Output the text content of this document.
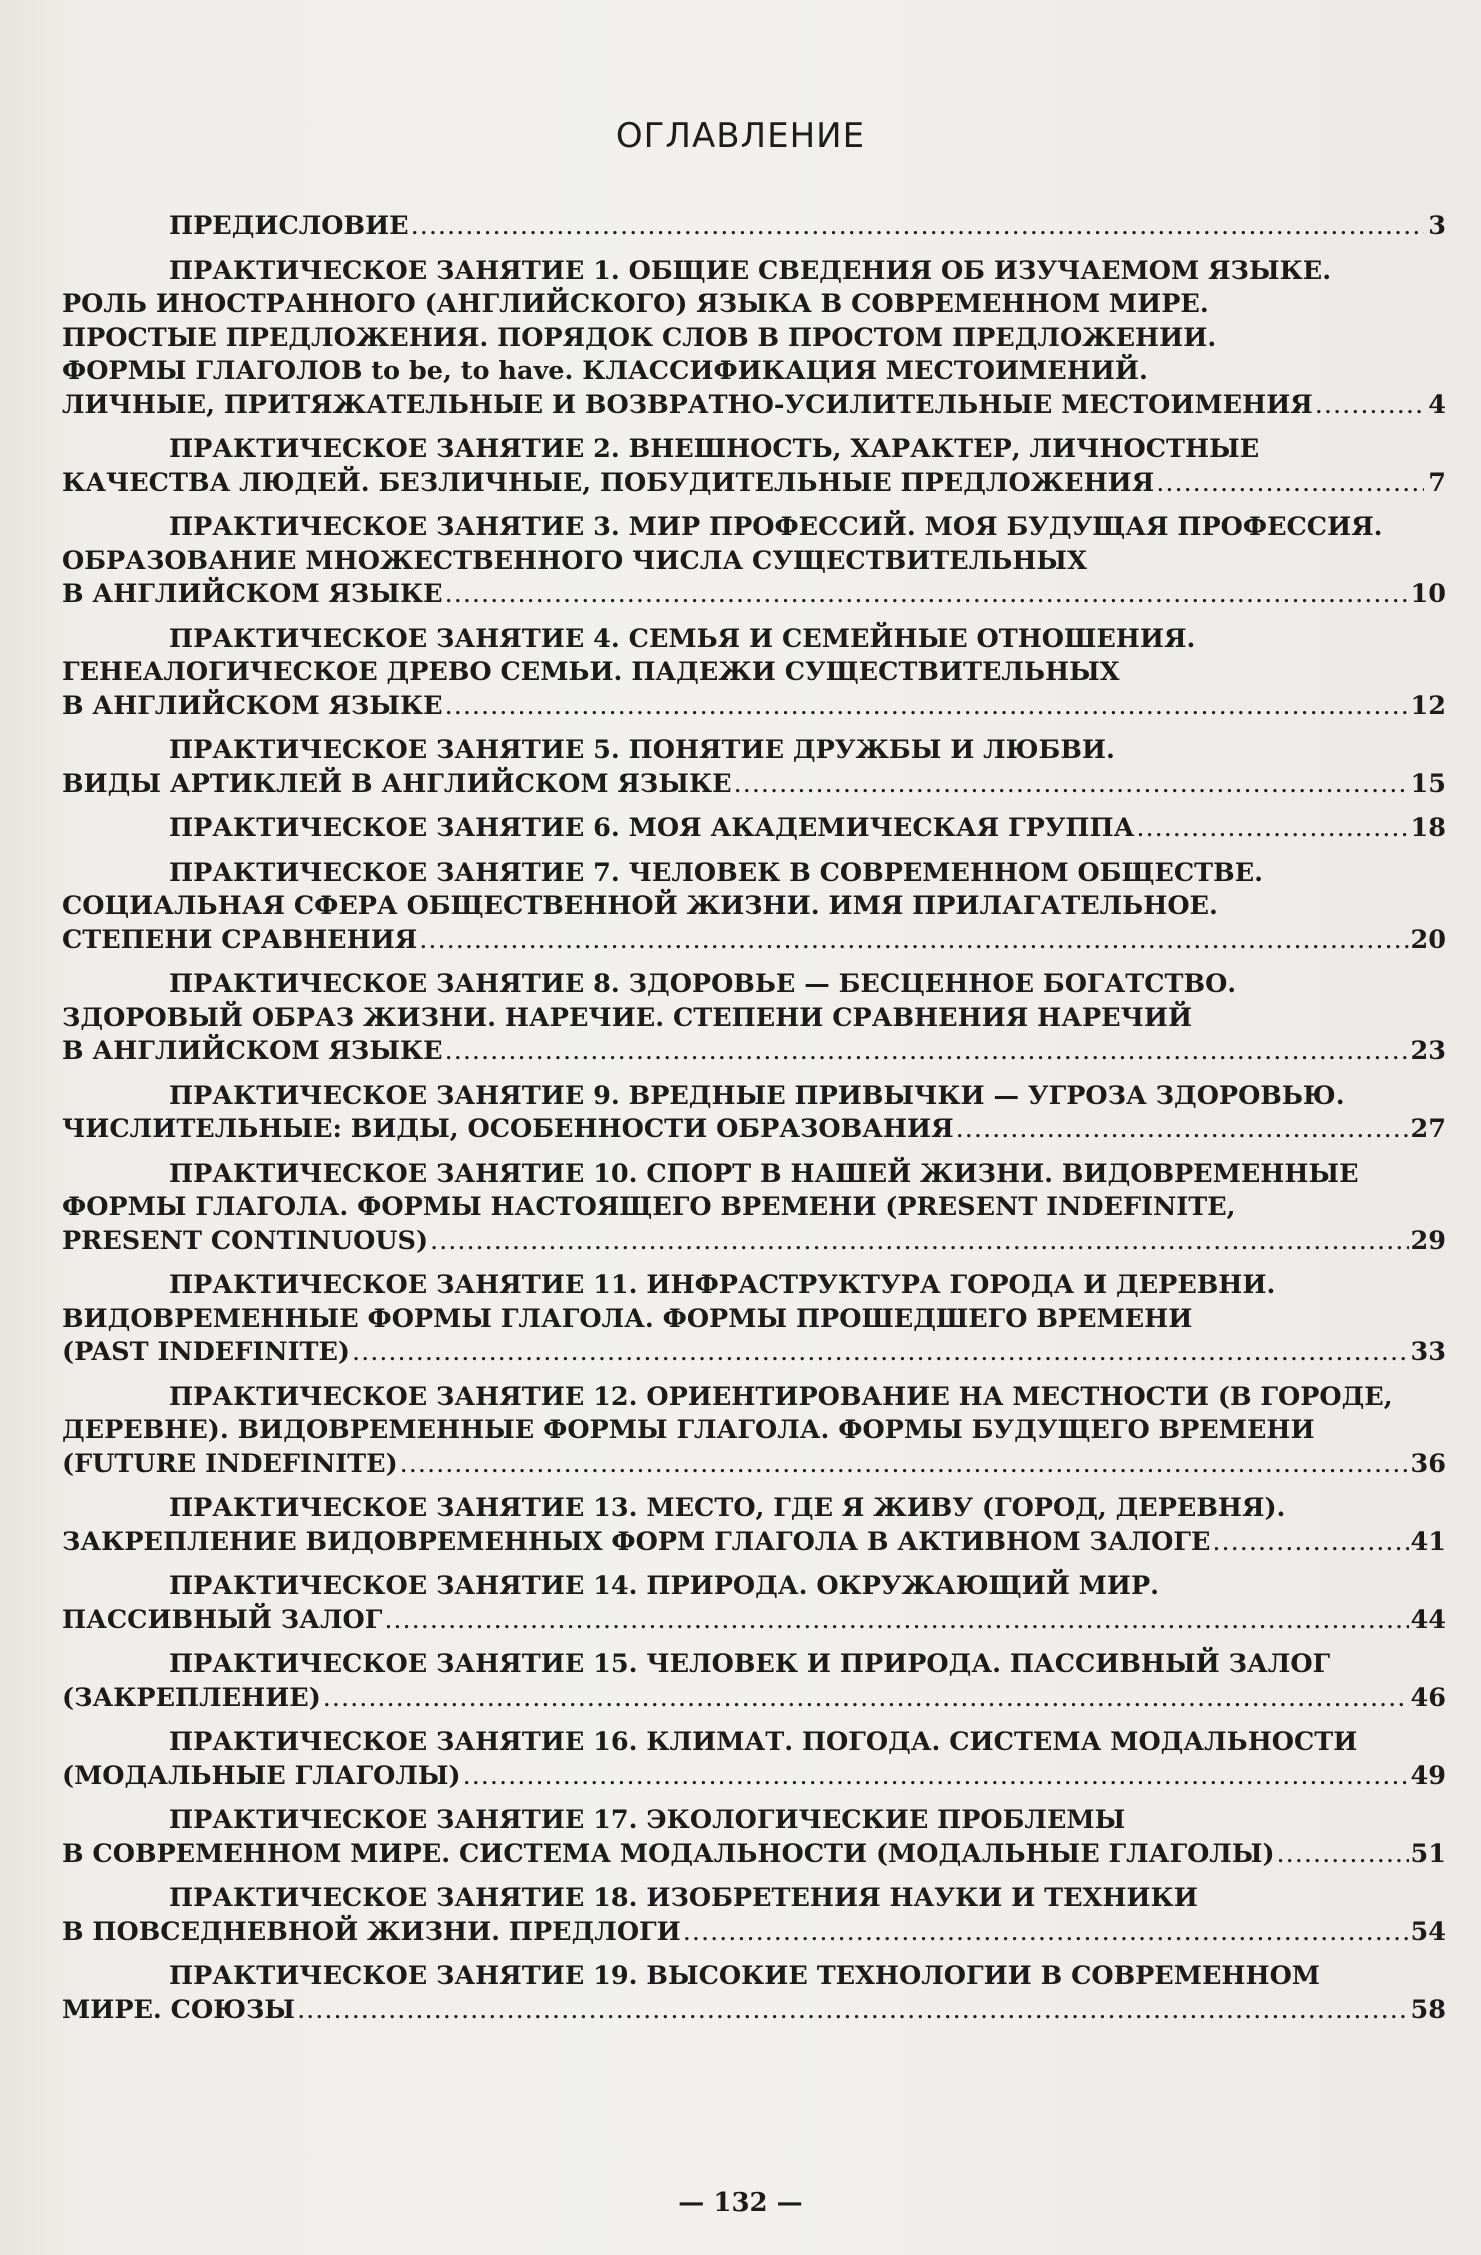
ОГЛАВЛЕНИЕ
ПРЕДИСЛОВИЕ .....	3
ПРАКТИЧЕСКОЕ ЗАНЯТИЕ 1. ОБЩИЕ СВЕДЕНИЯ ОБ ИЗУЧАЕМОМ ЯЗЫКЕ.
РОЛЬ ИНОСТРАННОГО (АНГЛИЙСКОГО) ЯЗЫКА В СОВРЕМЕННОМ МИРЕ.
ПРОСТЫЕ ПРЕДЛОЖЕНИЯ. ПОРЯДОК СЛОВ В ПРОСТОМ ПРЕДЛОЖЕНИИ.
ФОРМЫ ГЛАГОЛОВ to be, to have. КЛАССИФИКАЦИЯ МЕСТОИМЕНИЙ.
ЛИЧНЫЕ, ПРИТЯЖАТЕЛЬНЫЕ И ВОЗВРАТНО-УСИЛИТЕЛЬНЫЕ МЕСТОИМЕНИЯ .....	4
ПРАКТИЧЕСКОЕ ЗАНЯТИЕ 2. ВНЕШНОСТЬ, ХАРАКТЕР, ЛИЧНОСТНЫЕ
КАЧЕСТВА ЛЮДЕЙ. БЕЗЛИЧНЫЕ, ПОБУДИТЕЛЬНЫЕ ПРЕДЛОЖЕНИЯ .....	7
ПРАКТИЧЕСКОЕ ЗАНЯТИЕ 3. МИР ПРОФЕССИЙ. МОЯ БУДУЩАЯ ПРОФЕССИЯ.
ОБРАЗОВАНИЕ МНОЖЕСТВЕННОГО ЧИСЛА СУЩЕСТВИТЕЛЬНЫХ
В АНГЛИЙСКОМ ЯЗЫКЕ .....	10
ПРАКТИЧЕСКОЕ ЗАНЯТИЕ 4. СЕМЬЯ И СЕМЕЙНЫЕ ОТНОШЕНИЯ.
ГЕНЕАЛОГИЧЕСКОЕ ДРЕВО СЕМЬИ. ПАДЕЖИ СУЩЕСТВИТЕЛЬНЫХ
В АНГЛИЙСКОМ ЯЗЫКЕ .....	12
ПРАКТИЧЕСКОЕ ЗАНЯТИЕ 5. ПОНЯТИЕ ДРУЖБЫ И ЛЮБВИ.
ВИДЫ АРТИКЛЕЙ В АНГЛИЙСКОМ ЯЗЫКЕ .....	15
ПРАКТИЧЕСКОЕ ЗАНЯТИЕ 6. МОЯ АКАДЕМИЧЕСКАЯ ГРУППА .....	18
ПРАКТИЧЕСКОЕ ЗАНЯТИЕ 7. ЧЕЛОВЕК В СОВРЕМЕННОМ ОБЩЕСТВЕ.
СОЦИАЛЬНАЯ СФЕРА ОБЩЕСТВЕННОЙ ЖИЗНИ. ИМЯ ПРИЛАГАТЕЛЬНОЕ.
СТЕПЕНИ СРАВНЕНИЯ .....	20
ПРАКТИЧЕСКОЕ ЗАНЯТИЕ 8. ЗДОРОВЬЕ — БЕСЦЕННОЕ БОГАТСТВО.
ЗДОРОВЫЙ ОБРАЗ ЖИЗНИ. НАРЕЧИЕ. СТЕПЕНИ СРАВНЕНИЯ НАРЕЧИЙ
В АНГЛИЙСКОМ ЯЗЫКЕ .....	23
ПРАКТИЧЕСКОЕ ЗАНЯТИЕ 9. ВРЕДНЫЕ ПРИВЫЧКИ — УГРОЗА ЗДОРОВЬЮ.
ЧИСЛИТЕЛЬНЫЕ: ВИДЫ, ОСОБЕННОСТИ ОБРАЗОВАНИЯ .....	27
ПРАКТИЧЕСКОЕ ЗАНЯТИЕ 10. СПОРТ В НАШЕЙ ЖИЗНИ. ВИДОВРЕМЕННЫЕ
ФОРМЫ ГЛАГОЛА. ФОРМЫ НАСТОЯЩЕГО ВРЕМЕНИ (PRESENT INDEFINITE,
PRESENT CONTINUOUS) .....	29
ПРАКТИЧЕСКОЕ ЗАНЯТИЕ 11. ИНФРАСТРУКТУРА ГОРОДА И ДЕРЕВНИ.
ВИДОВРЕМЕННЫЕ ФОРМЫ ГЛАГОЛА. ФОРМЫ ПРОШЕДШЕГО ВРЕМЕНИ
(PAST INDEFINITE) .....	33
ПРАКТИЧЕСКОЕ ЗАНЯТИЕ 12. ОРИЕНТИРОВАНИЕ НА МЕСТНОСТИ (В ГОРОДЕ,
ДЕРЕВНЕ). ВИДОВРЕМЕННЫЕ ФОРМЫ ГЛАГОЛА. ФОРМЫ БУДУЩЕГО ВРЕМЕНИ
(FUTURE INDEFINITE) .....	36
ПРАКТИЧЕСКОЕ ЗАНЯТИЕ 13. МЕСТО, ГДЕ Я ЖИВУ (ГОРОД, ДЕРЕВНЯ).
ЗАКРЕПЛЕНИЕ ВИДОВРЕМЕННЫХ ФОРМ ГЛАГОЛА В АКТИВНОМ ЗАЛОГЕ .....	41
ПРАКТИЧЕСКОЕ ЗАНЯТИЕ 14. ПРИРОДА. ОКРУЖАЮЩИЙ МИР.
ПАССИВНЫЙ ЗАЛОГ .....	44
ПРАКТИЧЕСКОЕ ЗАНЯТИЕ 15. ЧЕЛОВЕК И ПРИРОДА. ПАССИВНЫЙ ЗАЛОГ
(ЗАКРЕПЛЕНИЕ) .....	46
ПРАКТИЧЕСКОЕ ЗАНЯТИЕ 16. КЛИМАТ. ПОГОДА. СИСТЕМА МОДАЛЬНОСТИ
(МОДАЛЬНЫЕ ГЛАГОЛЫ) .....	49
ПРАКТИЧЕСКОЕ ЗАНЯТИЕ 17. ЭКОЛОГИЧЕСКИЕ ПРОБЛЕМЫ
В СОВРЕМЕННОМ МИРЕ. СИСТЕМА МОДАЛЬНОСТИ (МОДАЛЬНЫЕ ГЛАГОЛЫ) .....	51
ПРАКТИЧЕСКОЕ ЗАНЯТИЕ 18. ИЗОБРЕТЕНИЯ НАУКИ И ТЕХНИКИ
В ПОВСЕДНЕВНОЙ ЖИЗНИ. ПРЕДЛОГИ .....	54
ПРАКТИЧЕСКОЕ ЗАНЯТИЕ 19. ВЫСОКИЕ ТЕХНОЛОГИИ В СОВРЕМЕННОМ
МИРЕ. СОЮЗЫ .....	58
— 132 —
